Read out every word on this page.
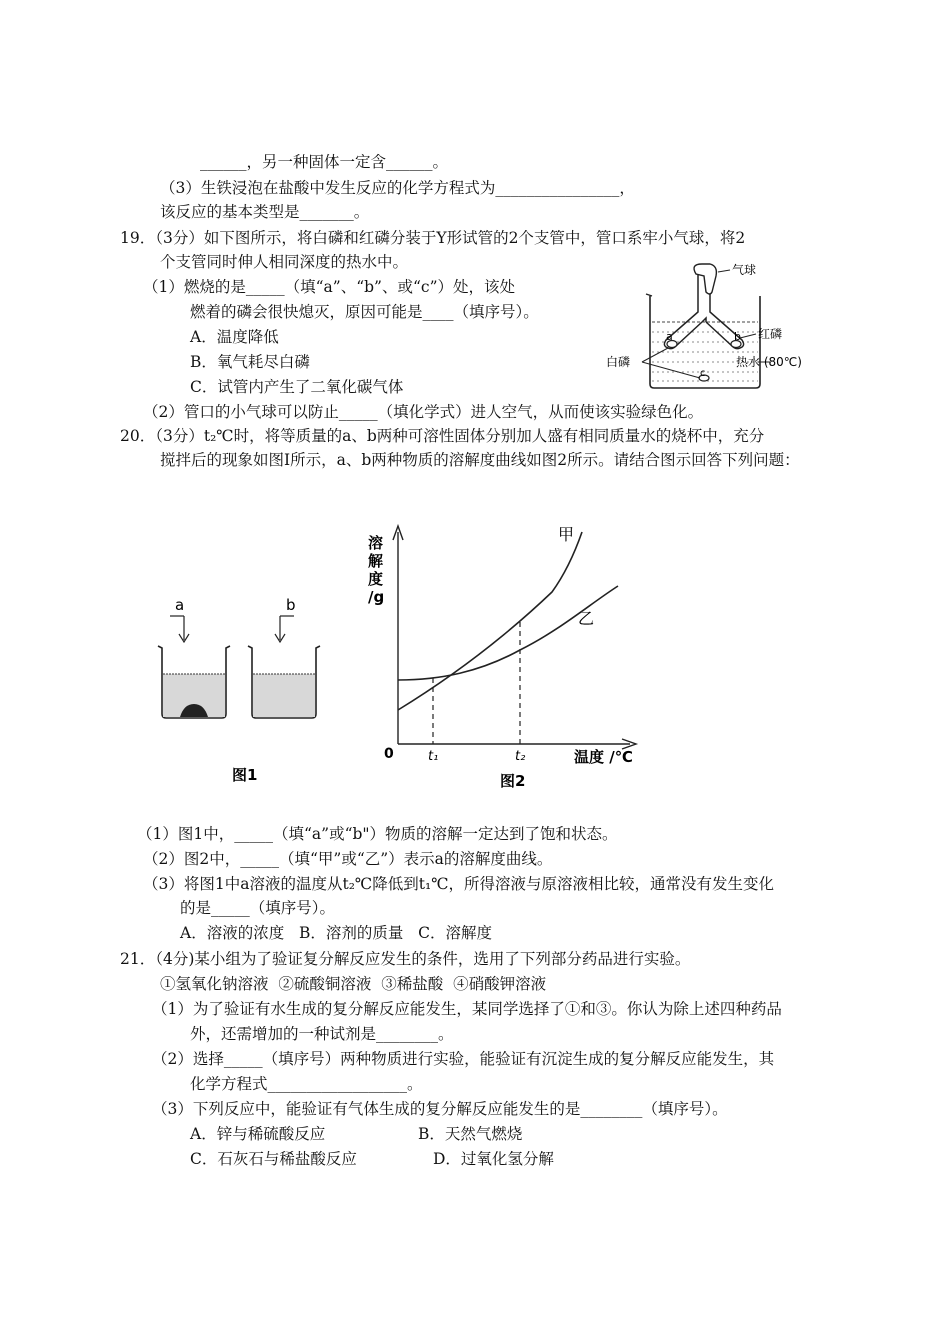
______，另一种固体一定含______。
（3）生铁浸泡在盐酸中发生反应的化学方程式为________________，
该反应的基本类型是_______。
19．（3分）如下图所示，将白磷和红磷分装于Y形试管的2个支管中，管口系牢小气球，将2
个支管同时伸人相同深度的热水中。
（1）燃烧的是_____（填“a”、“b”、或“c”）处，该处
燃着的磷会很快熄灭，原因可能是____（填序号）。
A．温度降低
B．氧气耗尽白磷
C．试管内产生了二氧化碳气体
（2）管口的小气球可以防止_____（填化学式）进人空气，从而使该实验绿色化。
气球
红磷
白磷	热水 (80℃)
a	b
c
20．（3分）t₂℃时，将等质量的a、b两种可溶性固体分别加人盛有相同质量水的烧杯中，充分
搅拌后的现象如图I所示，a、b两种物质的溶解度曲线如图2所示。请结合图示回答下列问题：
a	b
图1
溶
解
度
/g
甲
乙
0	t₁	t₂	温度 /℃
图2
（1）图1中，_____（填“a”或“b"）物质的溶解一定达到了饱和状态。
（2）图2中，_____（填“甲”或“乙”）表示a的溶解度曲线。
（3）将图1中a溶液的温度从t₂℃降低到t₁℃，所得溶液与原溶液相比较，通常没有发生变化
的是_____（填序号）。
A．溶液的浓度   B．溶剂的质量   C．溶解度
21．（4分)某小组为了验证复分解反应发生的条件，选用了下列部分药品进行实验。
①氢氧化钠溶液  ②硫酸铜溶液  ③稀盐酸  ④硝酸钾溶液
（1）为了验证有水生成的复分解反应能发生，某同学选择了①和③。你认为除上述四种药品
外，还需增加的一种试剂是________。
（2）选择_____（填序号）两种物质进行实验，能验证有沉淀生成的复分解反应能发生，其
化学方程式__________________。
（3）下列反应中，能验证有气体生成的复分解反应能发生的是________（填序号）。
A．锌与稀硫酸反应	B．天然气燃烧
C．石灰石与稀盐酸反应	D．过氧化氢分解
